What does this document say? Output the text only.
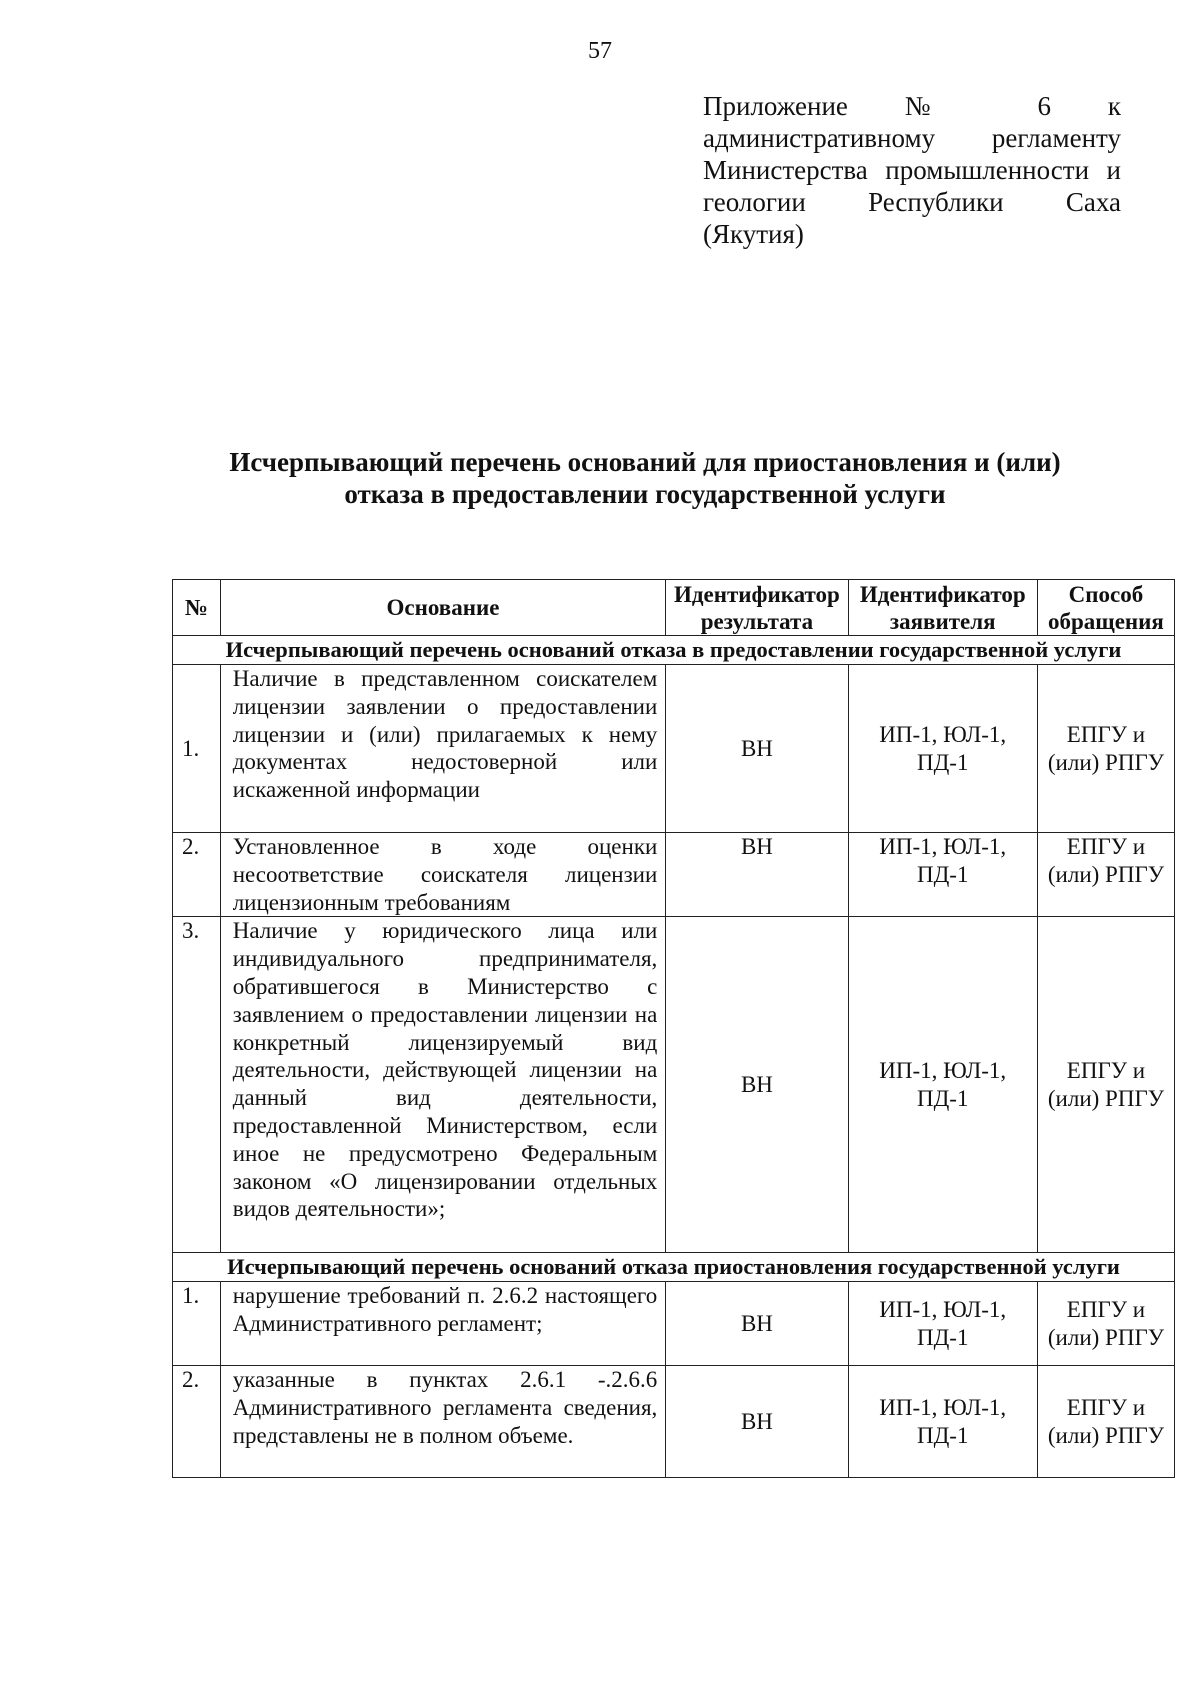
57
Приложение № 6 к
административному регламенту
Министерства промышленности и
геологии Республики Саха
(Якутия)
Исчерпывающий перечень оснований для приостановления и (или)
отказа в предоставлении государственной услуги
№	Основание	Идентификатор результата	Идентификатор заявителя	Способ обращения
Исчерпывающий перечень оснований отказа в предоставлении государственной услуги				
1.	Наличие в представленном соискателем лицензии заявлении о предоставлении лицензии и (или) прилагаемых к нему документах недостоверной или искаженной информации	ВН	ИП-1, ЮЛ-1, ПД-1	ЕПГУ и (или) РПГУ
2.	Установленное в ходе оценки несоответствие соискателя лицензии лицензионным требованиям	ВН	ИП-1, ЮЛ-1, ПД-1	ЕПГУ и (или) РПГУ
3.	Наличие у юридического лица или индивидуального предпринимателя, обратившегося в Министерство с заявлением о предоставлении лицензии на конкретный лицензируемый вид деятельности, действующей лицензии на данный вид деятельности, предоставленной Министерством, если иное не предусмотрено Федеральным законом «О лицензировании отдельных видов деятельности»;	ВН	ИП-1, ЮЛ-1, ПД-1	ЕПГУ и (или) РПГУ
Исчерпывающий перечень оснований отказа приостановления государственной услуги				
1.	нарушение требований п. 2.6.2 настоящего Административного регламент;	ВН	ИП-1, ЮЛ-1, ПД-1	ЕПГУ и (или) РПГУ
2.	указанные в пунктах 2.6.1 -.2.6.6 Административного регламента сведения, представлены не в полном объеме.	ВН	ИП-1, ЮЛ-1, ПД-1	ЕПГУ и (или) РПГУ
